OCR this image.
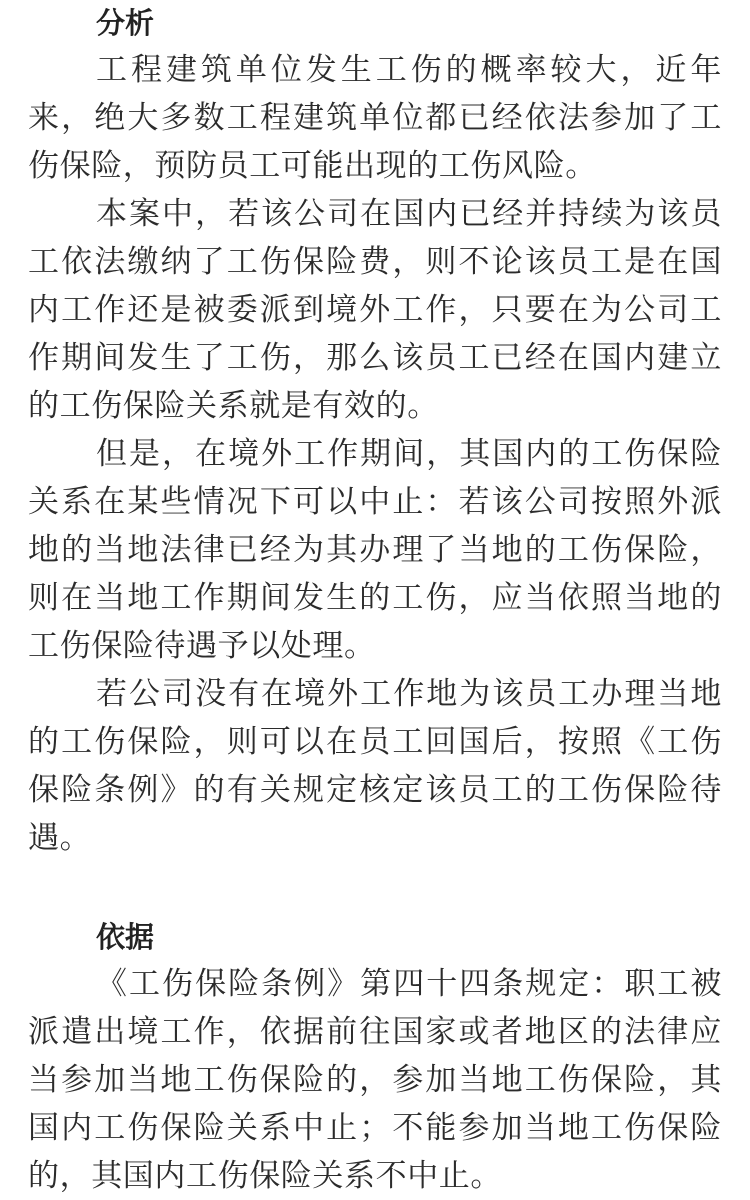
分析

工程建筑单位发生工伤的概率较大，近年来，绝大多数工程建筑单位都已经依法参加了工伤保险，预防员工可能出现的工伤风险。

本案中，若该公司在国内已经并持续为该员工依法缴纳了工伤保险费，则不论该员工是在国内工作还是被委派到境外工作，只要在为公司工作期间发生了工伤，那么该员工已经在国内建立的工伤保险关系就是有效的。

但是，在境外工作期间，其国内的工伤保险关系在某些情况下可以中止：若该公司按照外派地的当地法律已经为其办理了当地的工伤保险，则在当地工作期间发生的工伤，应当依照当地的工伤保险待遇予以处理。

若公司没有在境外工作地为该员工办理当地的工伤保险，则可以在员工回国后，按照《工伤保险条例》的有关规定核定该员工的工伤保险待遇。

依据

《工伤保险条例》第四十四条规定：职工被派遣出境工作，依据前往国家或者地区的法律应当参加当地工伤保险的，参加当地工伤保险，其国内工伤保险关系中止；不能参加当地工伤保险的，其国内工伤保险关系不中止。
